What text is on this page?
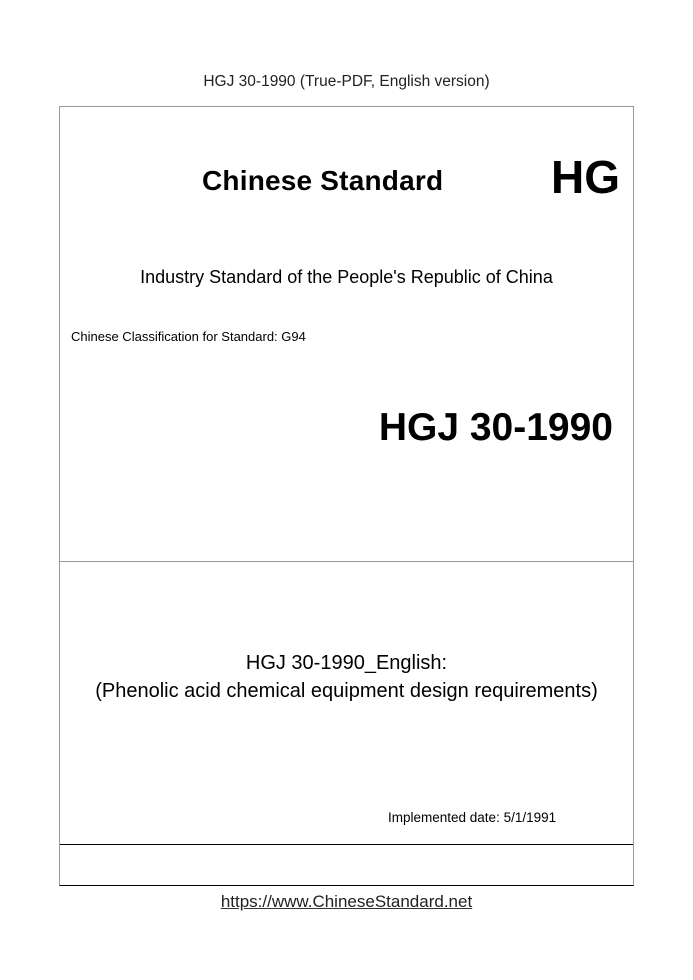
HGJ 30-1990 (True-PDF, English version)
Chinese Standard HG
Industry Standard of the People's Republic of China
Chinese Classification for Standard: G94
HGJ 30-1990
HGJ 30-1990_English:
(Phenolic acid chemical equipment design requirements)
Implemented date: 5/1/1991
https://www.ChineseStandard.net
